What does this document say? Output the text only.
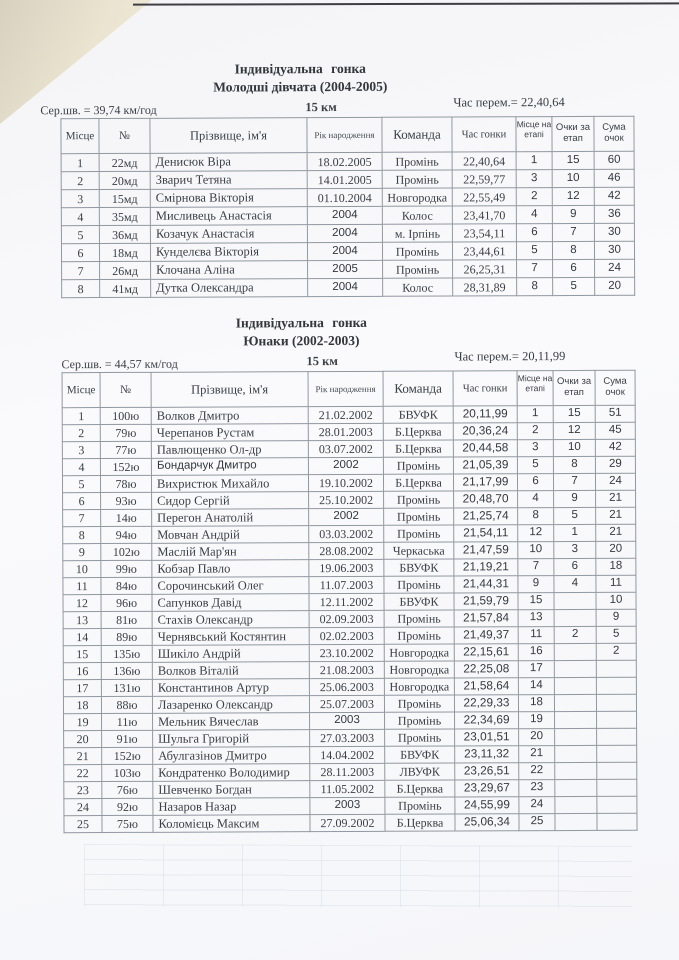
Індивідуальна гонка
Молодші дівчата (2004-2005)
Сер.шв. = 39,74 км/год	15 км	Час перем.= 22,40,64
Місце	№	Прізвище, ім'я	Рік народження	Команда	Час гонки	Місце на етапі	Очки за етап	Сума очок
1	22мд	Денисюк Віра	18.02.2005	Промінь	22,40,64	1	15	60
2	20мд	Зварич Тетяна	14.01.2005	Промінь	22,59,77	3	10	46
3	15мд	Смірнова Вікторія	01.10.2004	Новгородка	22,55,49	2	12	42
4	35мд	Мисливець Анастасія	2004	Колос	23,41,70	4	9	36
5	36мд	Козачук Анастасія	2004	м. Ірпінь	23,54,11	6	7	30
6	18мд	Кунделєва Вікторія	2004	Промінь	23,44,61	5	8	30
7	26мд	Клочана Аліна	2005	Промінь	26,25,31	7	6	24
8	41мд	Дутка Олександра	2004	Колос	28,31,89	8	5	20
Індивідуальна гонка
Юнаки (2002-2003)
Сер.шв. = 44,57 км/год	15 км	Час перем.= 20,11,99
Місце	№	Прізвище, ім'я	Рік народження	Команда	Час гонки	Місце на етапі	Очки за етап	Сума очок
1	100ю	Волков Дмитро	21.02.2002	БВУФК	20,11,99	1	15	51
2	79ю	Черепанов Рустам	28.01.2003	Б.Церква	20,36,24	2	12	45
3	77ю	Павлющенко Ол-др	03.07.2002	Б.Церква	20,44,58	3	10	42
4	152ю	Бондарчук Дмитро	2002	Промінь	21,05,39	5	8	29
5	78ю	Вихристюк Михайло	19.10.2002	Б.Церква	21,17,99	6	7	24
6	93ю	Сидор Сергій	25.10.2002	Промінь	20,48,70	4	9	21
7	14ю	Перегон Анатолій	2002	Промінь	21,25,74	8	5	21
8	94ю	Мовчан Андрій	03.03.2002	Промінь	21,54,11	12	1	21
9	102ю	Маслій Мар'ян	28.08.2002	Черкаська	21,47,59	10	3	20
10	99ю	Кобзар Павло	19.06.2003	БВУФК	21,19,21	7	6	18
11	84ю	Сорочинський Олег	11.07.2003	Промінь	21,44,31	9	4	11
12	96ю	Сапунков Давід	12.11.2002	БВУФК	21,59,79	15		10
13	81ю	Стахів Олександр	02.09.2003	Промінь	21,57,84	13		9
14	89ю	Чернявський Костянтин	02.02.2003	Промінь	21,49,37	11	2	5
15	135ю	Шикіло Андрій	23.10.2002	Новгородка	22,15,61	16		2
16	136ю	Волков Віталій	21.08.2003	Новгородка	22,25,08	17		
17	131ю	Константинов Артур	25.06.2003	Новгородка	21,58,64	14		
18	88ю	Лазаренко Олександр	25.07.2003	Промінь	22,29,33	18		
19	11ю	Мельник Вячеслав	2003	Промінь	22,34,69	19		
20	91ю	Шульга Григорій	27.03.2003	Промінь	23,01,51	20		
21	152ю	Абулгазінов Дмитро	14.04.2002	БВУФК	23,11,32	21		
22	103ю	Кондратенко Володимир	28.11.2003	ЛВУФК	23,26,51	22		
23	76ю	Шевченко Богдан	11.05.2002	Б.Церква	23,29,67	23		
24	92ю	Назаров Назар	2003	Промінь	24,55,99	24		
25	75ю	Коломієць Максим	27.09.2002	Б.Церква	25,06,34	25		
